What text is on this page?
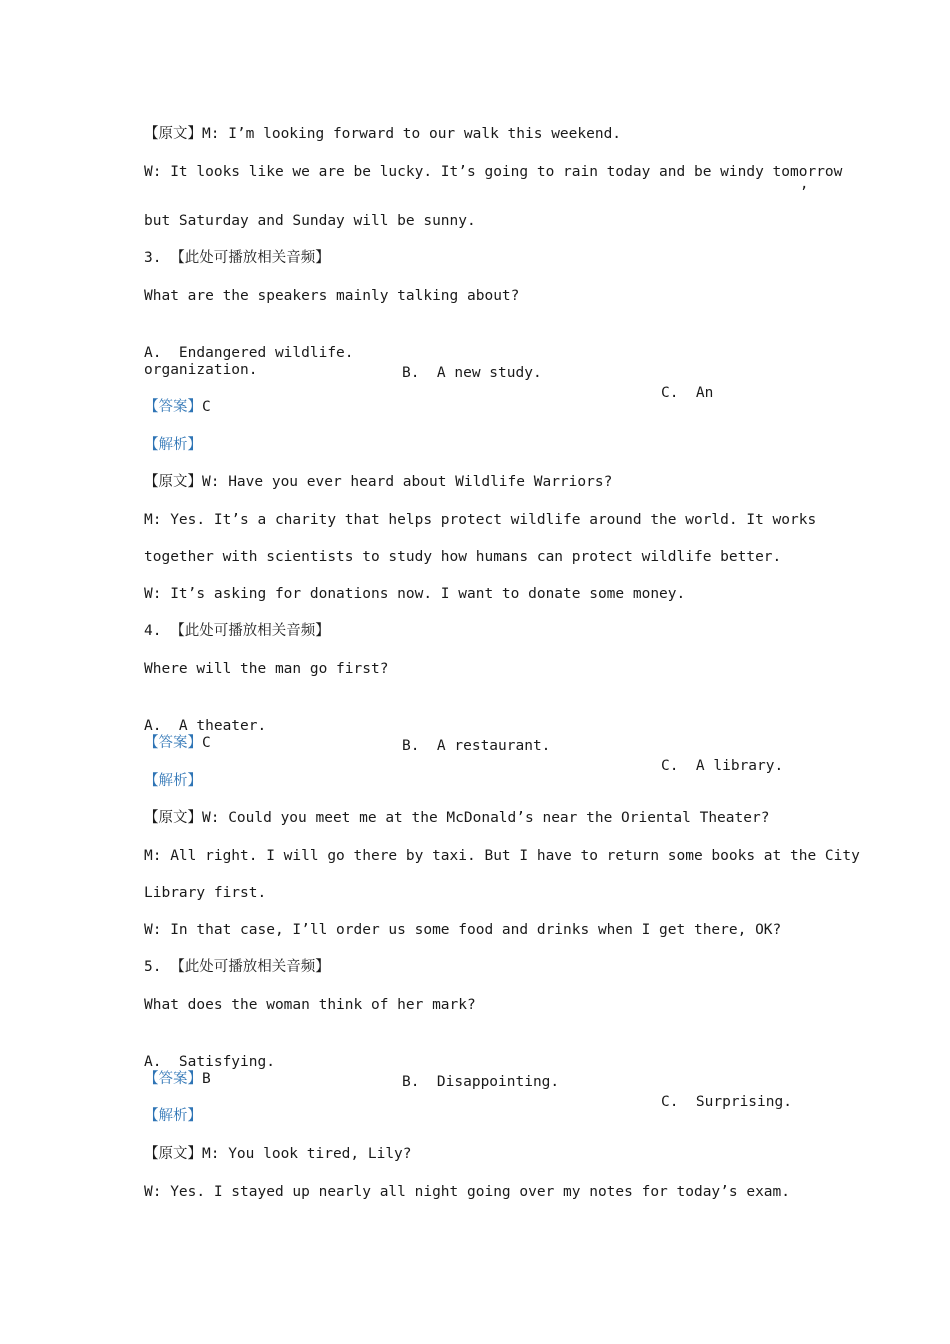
【原文】M: I’m looking forward to our walk this weekend.
W: It looks like we are be lucky. It’s going to rain today and be windy tomorrow
,
but Saturday and Sunday will be sunny.
3. 【此处可播放相关音频】
What are the speakers mainly talking about?

A.  Endangered wildlife.

B.  A new study.

C.  An

organization.
【答案】C
【解析】
【原文】W: Have you ever heard about Wildlife Warriors?
M: Yes. It’s a charity that helps protect wildlife around the world. It works
together with scientists to study how humans can protect wildlife better.
W: It’s asking for donations now. I want to donate some money.
4. 【此处可播放相关音频】
Where will the man go first?

A.  A theater.

B.  A restaurant.

C.  A library.

【答案】C
【解析】
【原文】W: Could you meet me at the McDonald’s near the Oriental Theater?
M: All right. I will go there by taxi. But I have to return some books at the City
Library first.
W: In that case, I’ll order us some food and drinks when I get there, OK?
5. 【此处可播放相关音频】
What does the woman think of her mark?

A.  Satisfying.

B.  Disappointing.

C.  Surprising.

【答案】B
【解析】
【原文】M: You look tired, Lily?
W: Yes. I stayed up nearly all night going over my notes for today’s exam.
